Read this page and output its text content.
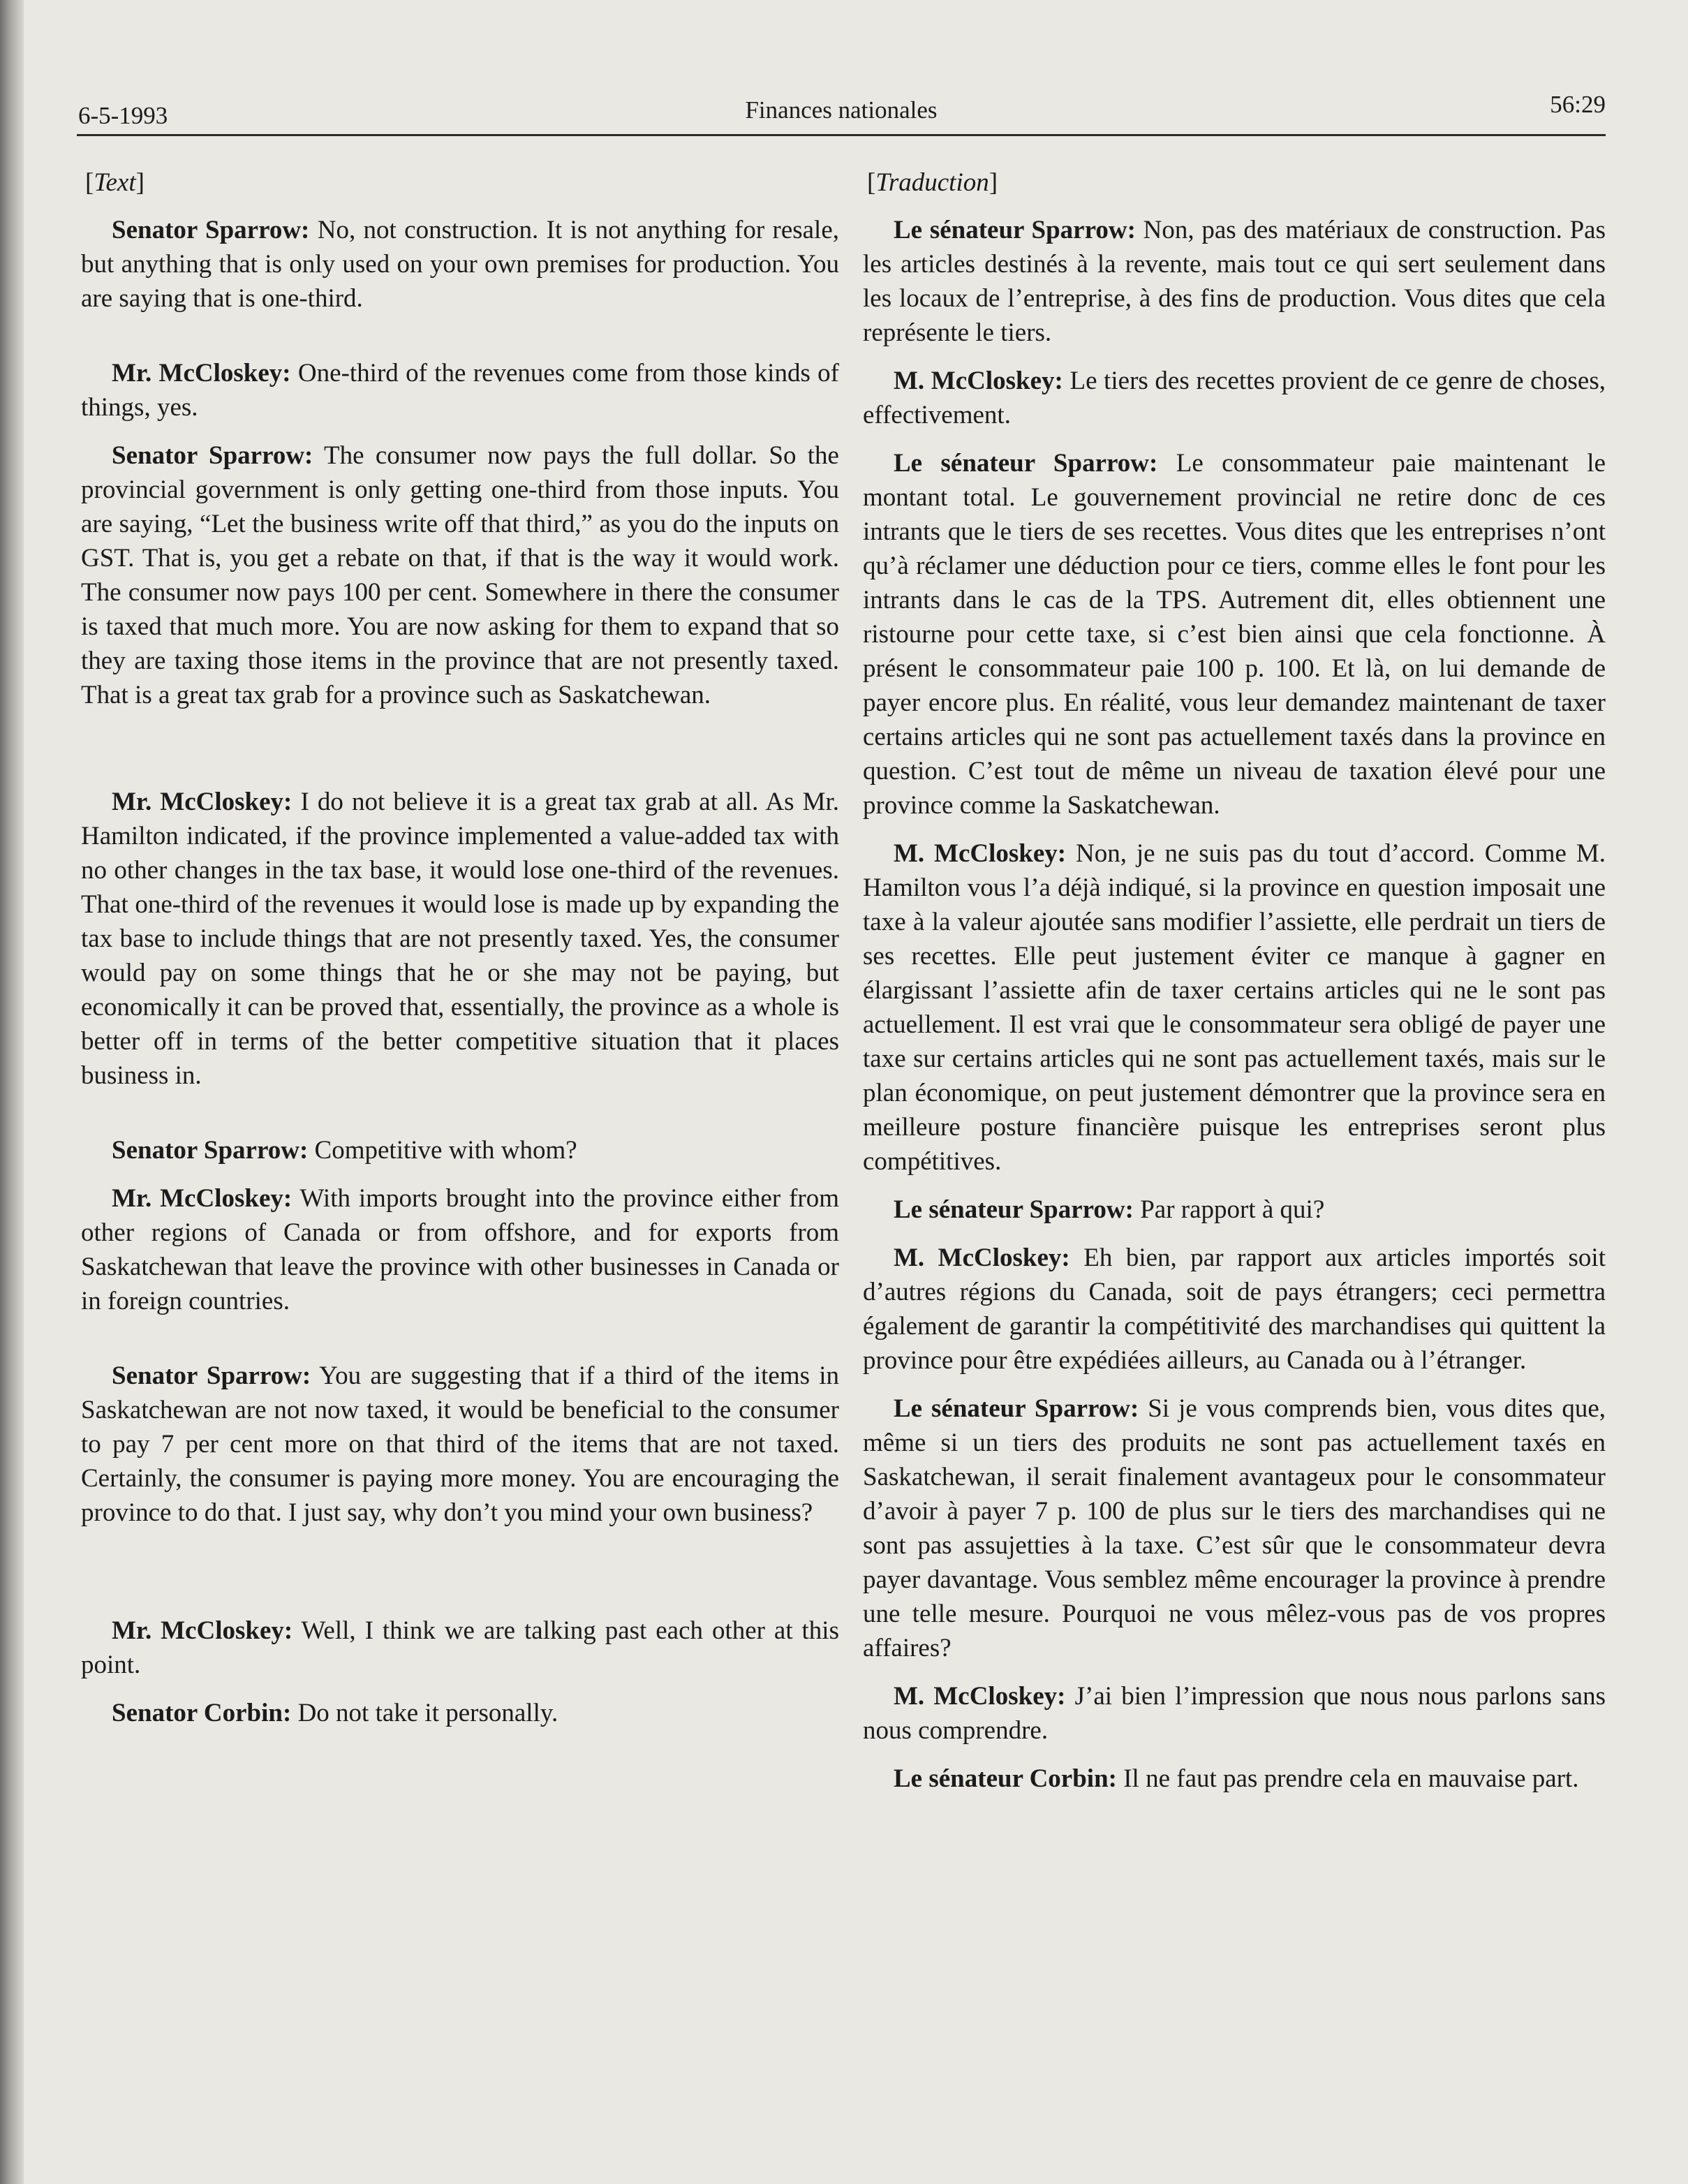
6-5-1993	Finances nationales	56:29
[Text]

Senator Sparrow: No, not construction. It is not anything for resale, but anything that is only used on your own premises for production. You are saying that is one-third.

Mr. McCloskey: One-third of the revenues come from those kinds of things, yes.

Senator Sparrow: The consumer now pays the full dollar. So the provincial government is only getting one-third from those inputs. You are saying, “Let the business write off that third,” as you do the inputs on GST. That is, you get a rebate on that, if that is the way it would work. The consumer now pays 100 per cent. Somewhere in there the consumer is taxed that much more. You are now asking for them to expand that so they are taxing those items in the province that are not presently taxed. That is a great tax grab for a province such as Saskatchewan.

Mr. McCloskey: I do not believe it is a great tax grab at all. As Mr. Hamilton indicated, if the province implemented a value-added tax with no other changes in the tax base, it would lose one-third of the revenues. That one-third of the revenues it would lose is made up by expanding the tax base to include things that are not presently taxed. Yes, the consumer would pay on some things that he or she may not be paying, but economically it can be proved that, essentially, the province as a whole is better off in terms of the better competitive situation that it places business in.

Senator Sparrow: Competitive with whom?

Mr. McCloskey: With imports brought into the province either from other regions of Canada or from offshore, and for exports from Saskatchewan that leave the province with other businesses in Canada or in foreign countries.

Senator Sparrow: You are suggesting that if a third of the items in Saskatchewan are not now taxed, it would be beneficial to the consumer to pay 7 per cent more on that third of the items that are not taxed. Certainly, the consumer is paying more money. You are encouraging the province to do that. I just say, why don’t you mind your own business?

Mr. McCloskey: Well, I think we are talking past each other at this point.

Senator Corbin: Do not take it personally.

[Traduction]

Le sénateur Sparrow: Non, pas des matériaux de construction. Pas les articles destinés à la revente, mais tout ce qui sert seulement dans les locaux de l’entreprise, à des fins de production. Vous dites que cela représente le tiers.

M. McCloskey: Le tiers des recettes provient de ce genre de choses, effectivement.

Le sénateur Sparrow: Le consommateur paie maintenant le montant total. Le gouvernement provincial ne retire donc de ces intrants que le tiers de ses recettes. Vous dites que les entreprises n’ont qu’à réclamer une déduction pour ce tiers, comme elles le font pour les intrants dans le cas de la TPS. Autrement dit, elles obtiennent une ristourne pour cette taxe, si c’est bien ainsi que cela fonctionne. À présent le consommateur paie 100 p. 100. Et là, on lui demande de payer encore plus. En réalité, vous leur demandez maintenant de taxer certains articles qui ne sont pas actuellement taxés dans la province en question. C’est tout de même un niveau de taxation élevé pour une province comme la Saskatchewan.

M. McCloskey: Non, je ne suis pas du tout d’accord. Comme M. Hamilton vous l’a déjà indiqué, si la province en question imposait une taxe à la valeur ajoutée sans modifier l’assiette, elle perdrait un tiers de ses recettes. Elle peut justement éviter ce manque à gagner en élargissant l’assiette afin de taxer certains articles qui ne le sont pas actuellement. Il est vrai que le consommateur sera obligé de payer une taxe sur certains articles qui ne sont pas actuellement taxés, mais sur le plan économique, on peut justement démontrer que la province sera en meilleure posture financière puisque les entreprises seront plus compétitives.

Le sénateur Sparrow: Par rapport à qui?

M. McCloskey: Eh bien, par rapport aux articles importés soit d’autres régions du Canada, soit de pays étrangers; ceci permettra également de garantir la compétitivité des marchandises qui quittent la province pour être expédiées ailleurs, au Canada ou à l’étranger.

Le sénateur Sparrow: Si je vous comprends bien, vous dites que, même si un tiers des produits ne sont pas actuellement taxés en Saskatchewan, il serait finalement avantageux pour le consommateur d’avoir à payer 7 p. 100 de plus sur le tiers des marchandises qui ne sont pas assujetties à la taxe. C’est sûr que le consommateur devra payer davantage. Vous semblez même encourager la province à prendre une telle mesure. Pourquoi ne vous mêlez-vous pas de vos propres affaires?

M. McCloskey: J’ai bien l’impression que nous nous parlons sans nous comprendre.

Le sénateur Corbin: Il ne faut pas prendre cela en mauvaise part.
